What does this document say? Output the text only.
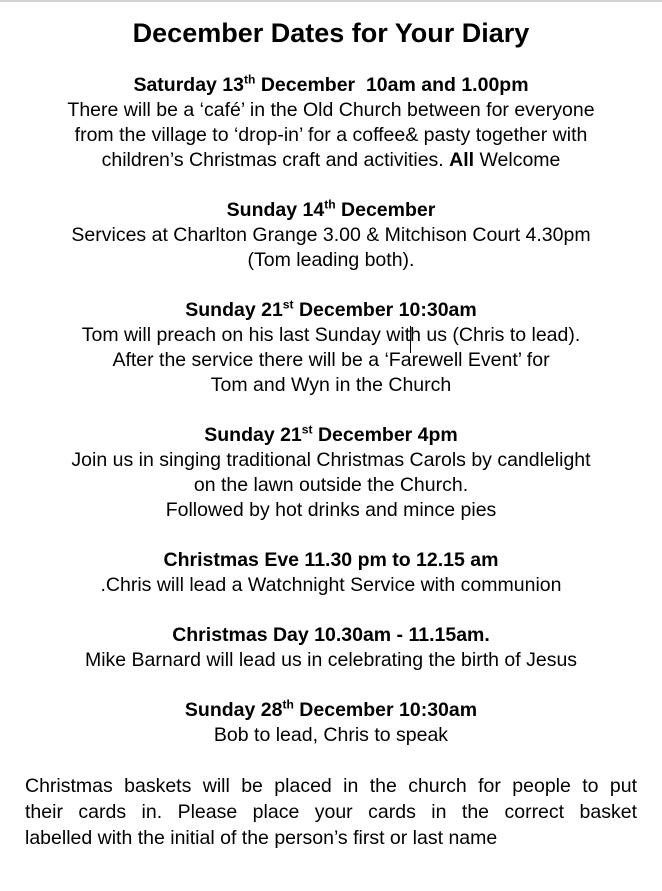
December Dates for Your Diary
Saturday 13th December  10am and 1.00pm
There will be a ‘café’ in the Old Church between for everyone
from the village to ‘drop-in’ for a coffee& pasty together with
children’s Christmas craft and activities. All Welcome
Sunday 14th December
Services at Charlton Grange 3.00 & Mitchison Court 4.30pm
(Tom leading both).
Sunday 21st December 10:30am
Tom will preach on his last Sunday with us (Chris to lead).
After the service there will be a ‘Farewell Event’ for
Tom and Wyn in the Church
Sunday 21st December 4pm
Join us in singing traditional Christmas Carols by candlelight
on the lawn outside the Church.
Followed by hot drinks and mince pies
Christmas Eve 11.30 pm to 12.15 am
.Chris will lead a Watchnight Service with communion
Christmas Day 10.30am - 11.15am.
Mike Barnard will lead us in celebrating the birth of Jesus
Sunday 28th December 10:30am
Bob to lead, Chris to speak
Christmas baskets will be placed in the church for people to put
their cards in. Please place your cards in the correct basket
labelled with the initial of the person’s first or last name
